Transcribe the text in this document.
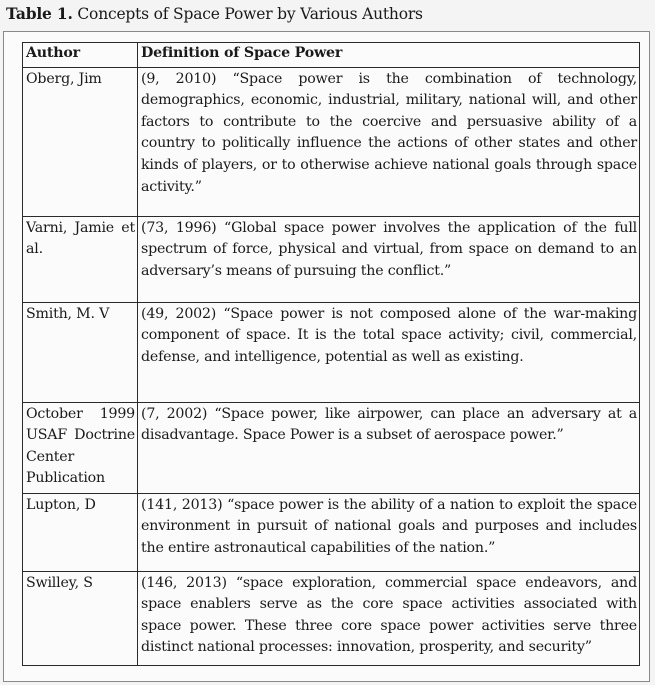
Table 1. Concepts of Space Power by Various Authors
Author	Definition of Space Power
Oberg, Jim	(9, 2010) “Space power is the combination of technology, demographics, economic, industrial, military, national will, and other factors to contribute to the coercive and persuasive ability of a country to politically influence the actions of other states and other kinds of players, or to otherwise achieve national goals through space activity.”
Varni, Jamie et al.	(73, 1996) “Global space power involves the application of the full spectrum of force, physical and virtual, from space on demand to an adversary’s means of pursuing the conflict.”
Smith, M. V	(49, 2002) “Space power is not composed alone of the war-making component of space. It is the total space activity; civil, commercial, defense, and intelligence, potential as well as existing.
October 1999 USAF Doctrine Center Publication	(7, 2002) “Space power, like airpower, can place an adversary at a disadvantage. Space Power is a subset of aerospace power.”
Lupton, D	(141, 2013) “space power is the ability of a nation to exploit the space environment in pursuit of national goals and purposes and includes the entire astronautical capabilities of the nation.”
Swilley, S	(146, 2013) “space exploration, commercial space endeavors, and space enablers serve as the core space activities associated with space power. These three core space power activities serve three distinct national processes: innovation, prosperity, and security”
